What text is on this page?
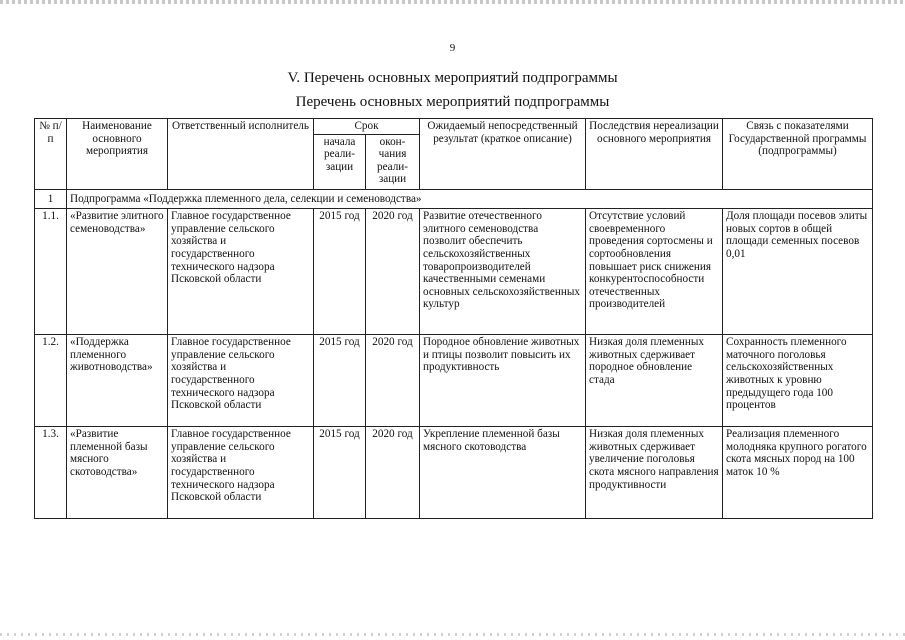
9
V. Перечень основных мероприятий подпрограммы
Перечень основных мероприятий подпрограммы
№ п/п	Наименование основного мероприятия	Ответственный исполнитель	Срок		Ожидаемый непосредственный результат (краткое описание)	Последствия нереализации основного мероприятия	Связь с показателями Государственной программы (подпрограммы)
			начала реали-зации	окон-чания реали-зации			
1	Подпрограмма «Поддержка племенного дела, селекции и семеноводства»						
1.1.	«Развитие элитного семеноводства»	Главное государственное управление сельского хозяйства и государственного технического надзора Псковской области	2015 год	2020 год	Развитие отечественного элитного семеноводства позволит обеспечить сельскохозяйственных товаропроизводителей качественными семенами основных сельскохозяйственных культур	Отсутствие условий своевременного проведения сортосмены и сортообновления повышает риск снижения конкурентоспособности отечественных производителей	Доля площади посевов элиты новых сортов в общей площади семенных посевов 0,01
1.2.	«Поддержка племенного животноводства»	Главное государственное управление сельского хозяйства и государственного технического надзора Псковской области	2015 год	2020 год	Породное обновление животных и птицы позволит повысить их продуктивность	Низкая доля племенных животных сдерживает породное обновление стада	Сохранность племенного маточного поголовья сельскохозяйственных животных к уровню предыдущего года 100 процентов
1.3.	«Развитие племенной базы мясного скотоводства»	Главное государственное управление сельского хозяйства и государственного технического надзора Псковской области	2015 год	2020 год	Укрепление племенной базы мясного скотоводства	Низкая доля племенных животных сдерживает увеличение поголовья скота мясного направления продуктивности	Реализация племенного молодняка крупного рогатого скота мясных пород на 100 маток 10 %
